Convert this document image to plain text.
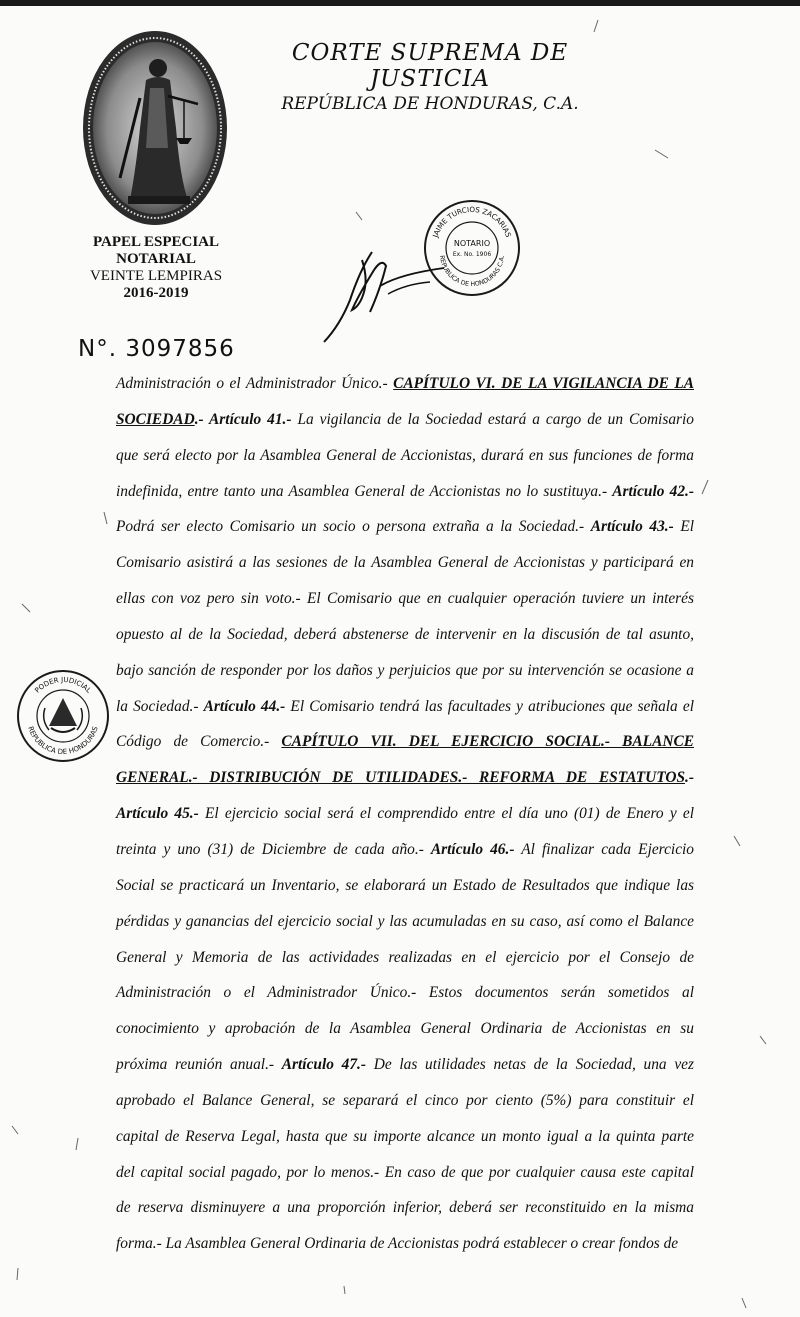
PAPEL ESPECIAL
NOTARIAL
VEINTE LEMPIRAS
2016-2019
CORTE SUPREMA DE JUSTICIA
REPÚBLICA DE HONDURAS, C.A.
JAIME TURCIOS ZACARIAS
REPUBLICA DE HONDURAS C.A.
NOTARIO
Ex. No. 1906
PODER JUDICIAL
REPUBLICA DE HONDURAS
N°. 3097856
Administración o el Administrador Único.- CAPÍTULO VI. DE LA VIGILANCIA DE LA
SOCIEDAD.- Artículo 41.- La vigilancia de la Sociedad estará a cargo de un Comisario
que será electo por la Asamblea General de Accionistas, durará en sus funciones de forma
indefinida, entre tanto una Asamblea General de Accionistas no lo sustituya.- Artículo 42.-
Podrá ser electo Comisario un socio o persona extraña a la Sociedad.- Artículo 43.- El
Comisario asistirá a las sesiones de la Asamblea General de Accionistas y participará en
ellas con voz pero sin voto.- El Comisario que en cualquier operación tuviere un interés
opuesto al de la Sociedad, deberá abstenerse de intervenir en la discusión de tal asunto,
bajo sanción de responder por los daños y perjuicios que por su intervención se ocasione a
la Sociedad.- Artículo 44.- El Comisario tendrá las facultades y atribuciones que señala el
Código de Comercio.- CAPÍTULO VII. DEL EJERCICIO SOCIAL.- BALANCE
GENERAL.- DISTRIBUCIÓN DE UTILIDADES.- REFORMA DE ESTATUTOS.-
Artículo 45.- El ejercicio social será el comprendido entre el día uno (01) de Enero y el
treinta y uno (31) de Diciembre de cada año.- Artículo 46.- Al finalizar cada Ejercicio
Social se practicará un Inventario, se elaborará un Estado de Resultados que indique las
pérdidas y ganancias del ejercicio social y las acumuladas en su caso, así como el Balance
General y Memoria de las actividades realizadas en el ejercicio por el Consejo de
Administración o el Administrador Único.- Estos documentos serán sometidos al
conocimiento y aprobación de la Asamblea General Ordinaria de Accionistas en su
próxima reunión anual.- Artículo 47.- De las utilidades netas de la Sociedad, una vez
aprobado el Balance General, se separará el cinco por ciento (5%) para constituir el
capital de Reserva Legal, hasta que su importe alcance un monto igual a la quinta parte
del capital social pagado, por lo menos.- En caso de que por cualquier causa este capital
de reserva disminuyere a una proporción inferior, deberá ser reconstituido en la misma
forma.- La Asamblea General Ordinaria de Accionistas podrá establecer o crear fondos de
